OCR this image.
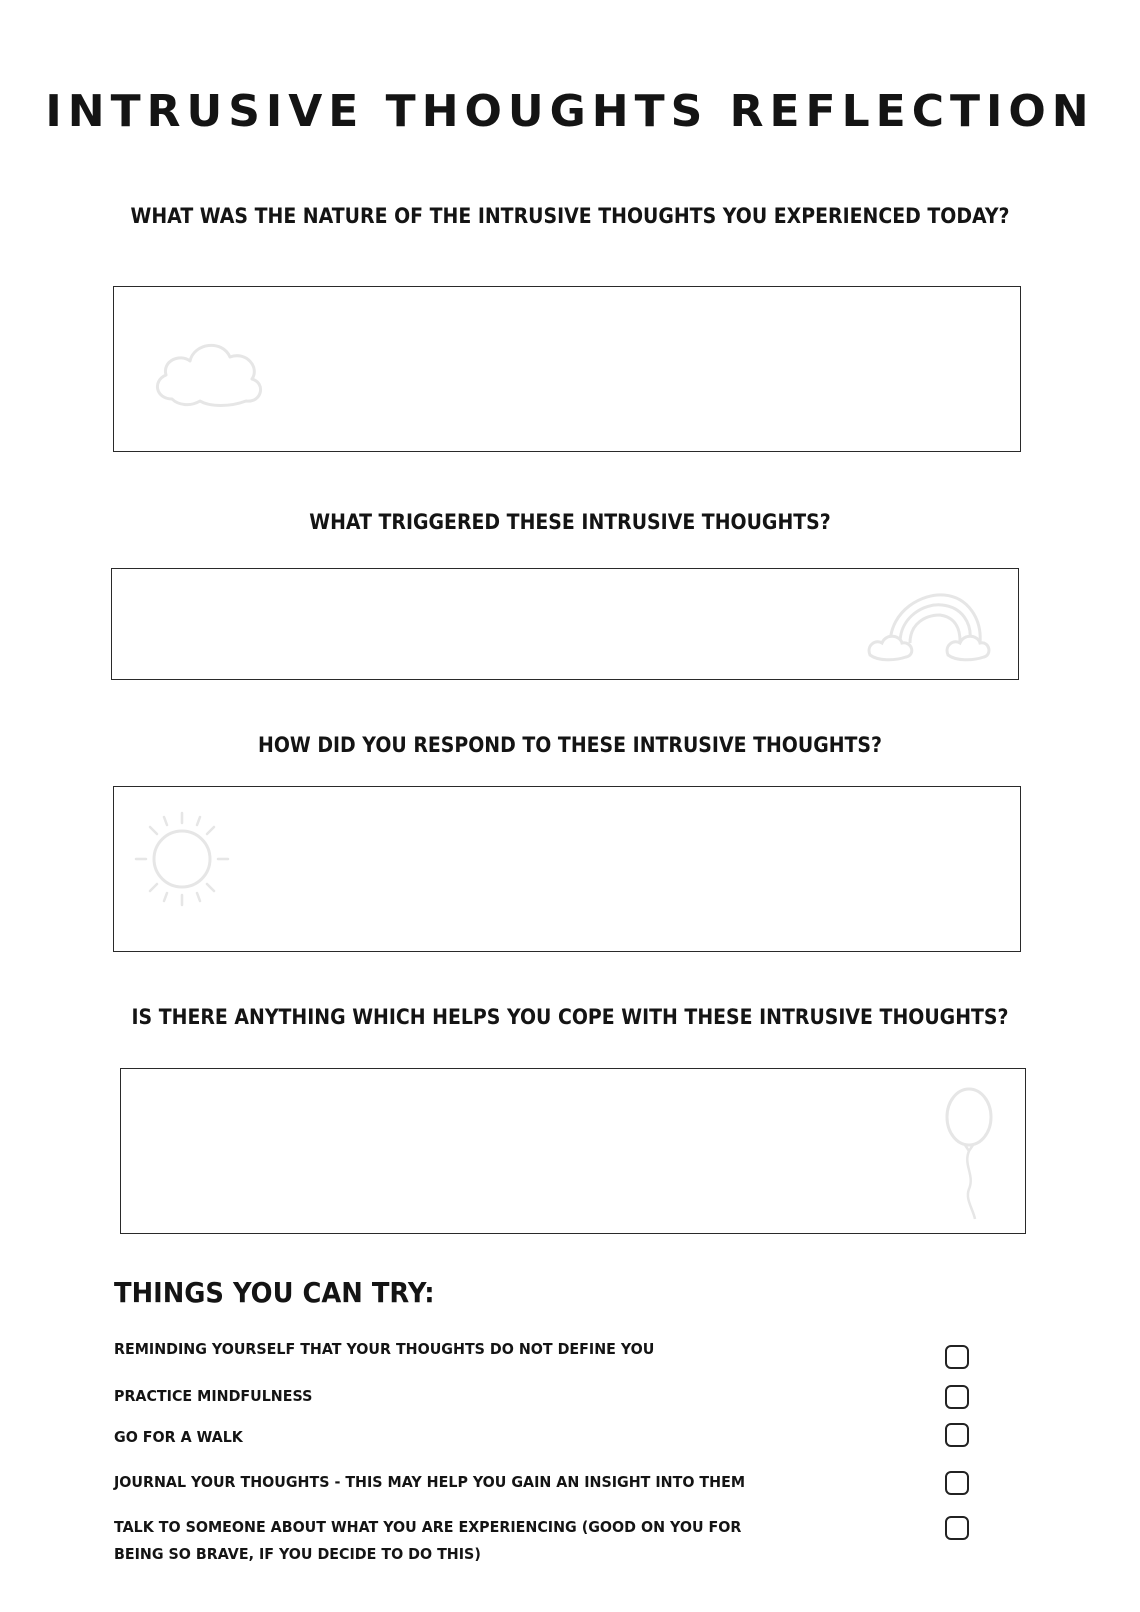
INTRUSIVE THOUGHTS REFLECTION
WHAT WAS THE NATURE OF THE INTRUSIVE THOUGHTS YOU EXPERIENCED TODAY?
WHAT TRIGGERED THESE INTRUSIVE THOUGHTS?
HOW DID YOU RESPOND TO THESE INTRUSIVE THOUGHTS?
IS THERE ANYTHING WHICH HELPS YOU COPE WITH THESE INTRUSIVE THOUGHTS?
THINGS YOU CAN TRY:
REMINDING YOURSELF THAT YOUR THOUGHTS DO NOT DEFINE YOU
PRACTICE MINDFULNESS
GO FOR A WALK
JOURNAL YOUR THOUGHTS - THIS MAY HELP YOU GAIN AN INSIGHT INTO THEM
TALK TO SOMEONE ABOUT WHAT YOU ARE EXPERIENCING (GOOD ON YOU FOR BEING SO BRAVE, IF YOU DECIDE TO DO THIS)
